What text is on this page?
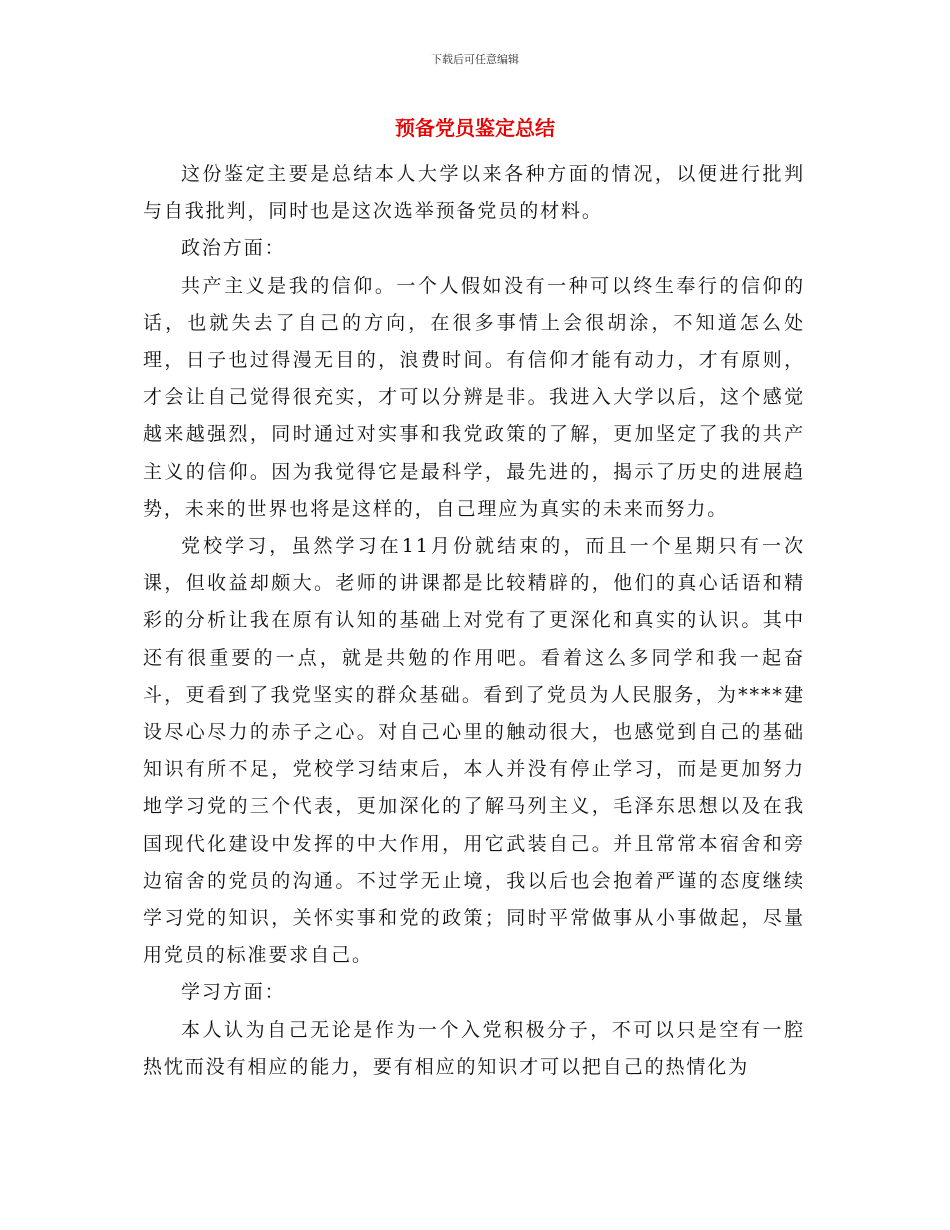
下载后可任意编辑
预备党员鉴定总结

这份鉴定主要是总结本人大学以来各种方面的情况，以便进行批判与自我批判，同时也是这次选举预备党员的材料。

政治方面：

共产主义是我的信仰。一个人假如没有一种可以终生奉行的信仰的话，也就失去了自己的方向，在很多事情上会很胡涂，不知道怎么处理，日子也过得漫无目的，浪费时间。有信仰才能有动力，才有原则，才会让自己觉得很充实，才可以分辨是非。我进入大学以后，这个感觉越来越强烈，同时通过对实事和我党政策的了解，更加坚定了我的共产主义的信仰。因为我觉得它是最科学，最先进的，揭示了历史的进展趋势，未来的世界也将是这样的，自己理应为真实的未来而努力。

党校学习，虽然学习在11月份就结束的，而且一个星期只有一次课，但收益却颇大。老师的讲课都是比较精辟的，他们的真心话语和精彩的分析让我在原有认知的基础上对党有了更深化和真实的认识。其中还有很重要的一点，就是共勉的作用吧。看着这么多同学和我一起奋斗，更看到了我党坚实的群众基础。看到了党员为人民服务，为****建设尽心尽力的赤子之心。对自己心里的触动很大，也感觉到自己的基础知识有所不足，党校学习结束后，本人并没有停止学习，而是更加努力地学习党的三个代表，更加深化的了解马列主义，毛泽东思想以及在我国现代化建设中发挥的中大作用，用它武装自己。并且常常本宿舍和旁边宿舍的党员的沟通。不过学无止境，我以后也会抱着严谨的态度继续学习党的知识，关怀实事和党的政策；同时平常做事从小事做起，尽量用党员的标准要求自己。

学习方面：

本人认为自己无论是作为一个入党积极分子，不可以只是空有一腔热忱而没有相应的能力，要有相应的知识才可以把自己的热情化为
